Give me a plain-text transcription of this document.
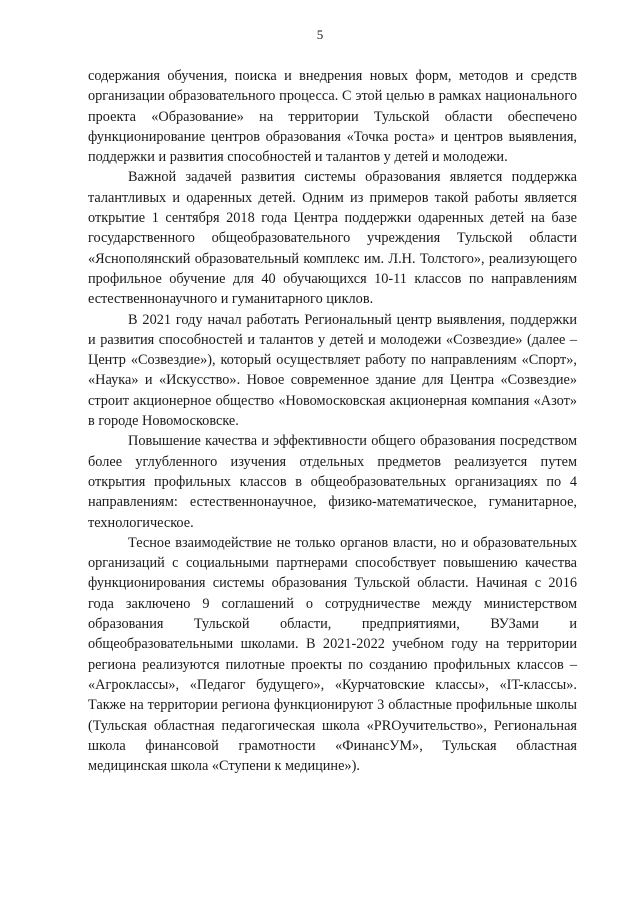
5

содержания обучения, поиска и внедрения новых форм, методов и средств организации образовательного процесса. С этой целью в рамках национального проекта «Образование» на территории Тульской области обеспечено функционирование центров образования «Точка роста» и центров выявления, поддержки и развития способностей и талантов у детей и молодежи.

Важной задачей развития системы образования является поддержка талантливых и одаренных детей. Одним из примеров такой работы является открытие 1 сентября 2018 года Центра поддержки одаренных детей на базе государственного общеобразовательного учреждения Тульской области «Яснополянский образовательный комплекс им. Л.Н. Толстого», реализующего профильное обучение для 40 обучающихся 10-11 классов по направлениям естественнонаучного и гуманитарного циклов.

В 2021 году начал работать Региональный центр выявления, поддержки и развития способностей и талантов у детей и молодежи «Созвездие» (далее – Центр «Созвездие»), который осуществляет работу по направлениям «Спорт», «Наука» и «Искусство». Новое современное здание для Центра «Созвездие» строит акционерное общество «Новомосковская акционерная компания «Азот» в городе Новомосковске.

Повышение качества и эффективности общего образования посредством более углубленного изучения отдельных предметов реализуется путем открытия профильных классов в общеобразовательных организациях по 4 направлениям: естественнонаучное, физико-математическое, гуманитарное, технологическое.

Тесное взаимодействие не только органов власти, но и образовательных организаций с социальными партнерами способствует повышению качества функционирования системы образования Тульской области. Начиная с 2016 года заключено 9 соглашений о сотрудничестве между министерством образования Тульской области, предприятиями, ВУЗами и общеобразовательными школами. В 2021-2022 учебном году на территории региона реализуются пилотные проекты по созданию профильных классов – «Агроклассы», «Педагог будущего», «Курчатовские классы», «IT-классы». Также на территории региона функционируют 3 областные профильные школы (Тульская областная педагогическая школа «PROучительство», Региональная школа финансовой грамотности «ФинансУМ», Тульская областная медицинская школа «Ступени к медицине»).
